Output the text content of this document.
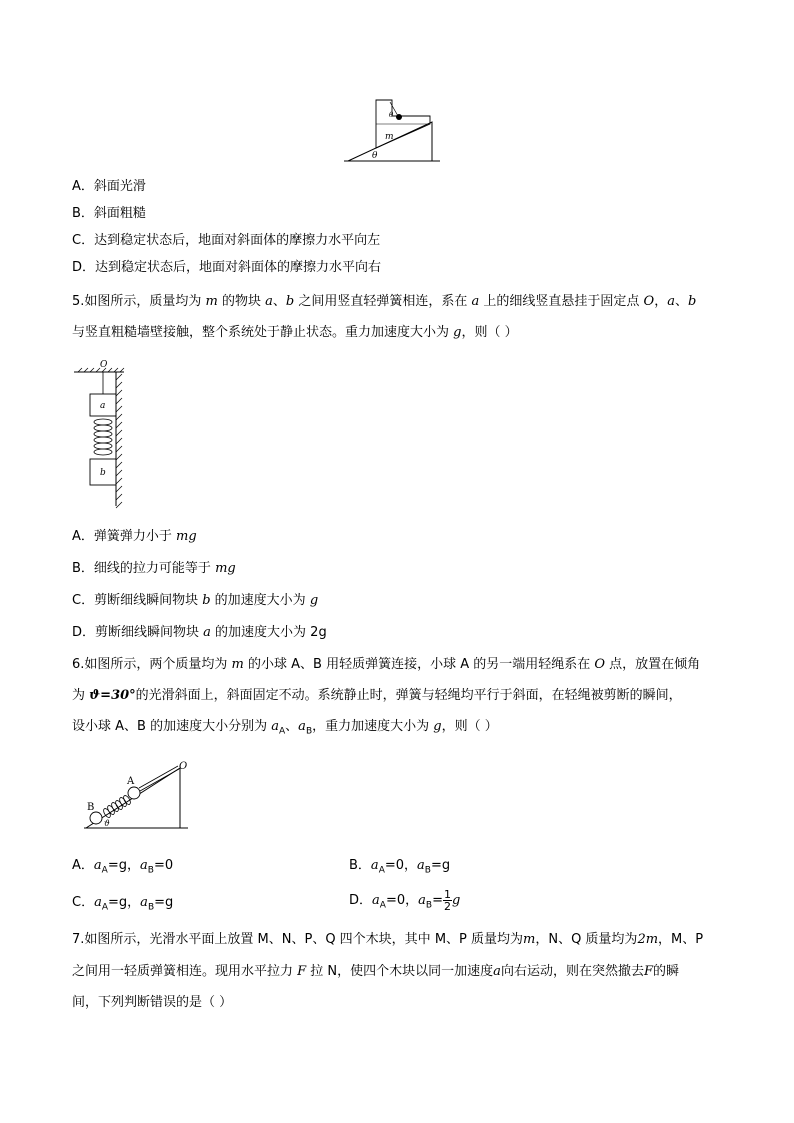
θ
m
θ
A．斜面光滑
B．斜面粗糙
C．达到稳定状态后，地面对斜面体的摩擦力水平向左
D．达到稳定状态后，地面对斜面体的摩擦力水平向右
5.如图所示，质量均为 m 的物块 a、b 之间用竖直轻弹簧相连，系在 a 上的细线竖直悬挂于固定点 O，a、b
与竖直粗糙墙壁接触，整个系统处于静止状态。重力加速度大小为 g，则（ ）
O
a
b
A．弹簧弹力小于 mg
B．细线的拉力可能等于 mg
C．剪断细线瞬间物块 b 的加速度大小为 g
D．剪断细线瞬间物块 a 的加速度大小为 2g
6.如图所示，两个质量均为 m 的小球 A、B 用轻质弹簧连接，小球 A 的另一端用轻绳系在 O 点，放置在倾角
为 ϑ=30°的光滑斜面上，斜面固定不动。系统静止时，弹簧与轻绳均平行于斜面，在轻绳被剪断的瞬间，
设小球 A、B 的加速度大小分别为 $a_A$、$a_B$，重力加速度大小为 g，则（ ）
A
B
O
ϑ
A．$a_A=g$，$a_B=0$	B．$a_A=0$，$a_B=g$
C．$a_A=g$，$a_B=g$	D．$a_A=0$，$a_B= \frac{1}{2}$ g
7.如图所示，光滑水平面上放置 M、N、P、Q 四个木块，其中 M、P 质量均为m，N、Q 质量均为2m，M、P
之间用一轻质弹簧相连。现用水平拉力 F 拉 N，使四个木块以同一加速度a向右运动，则在突然撤去F的瞬
间，下列判断错误的是（ ）
